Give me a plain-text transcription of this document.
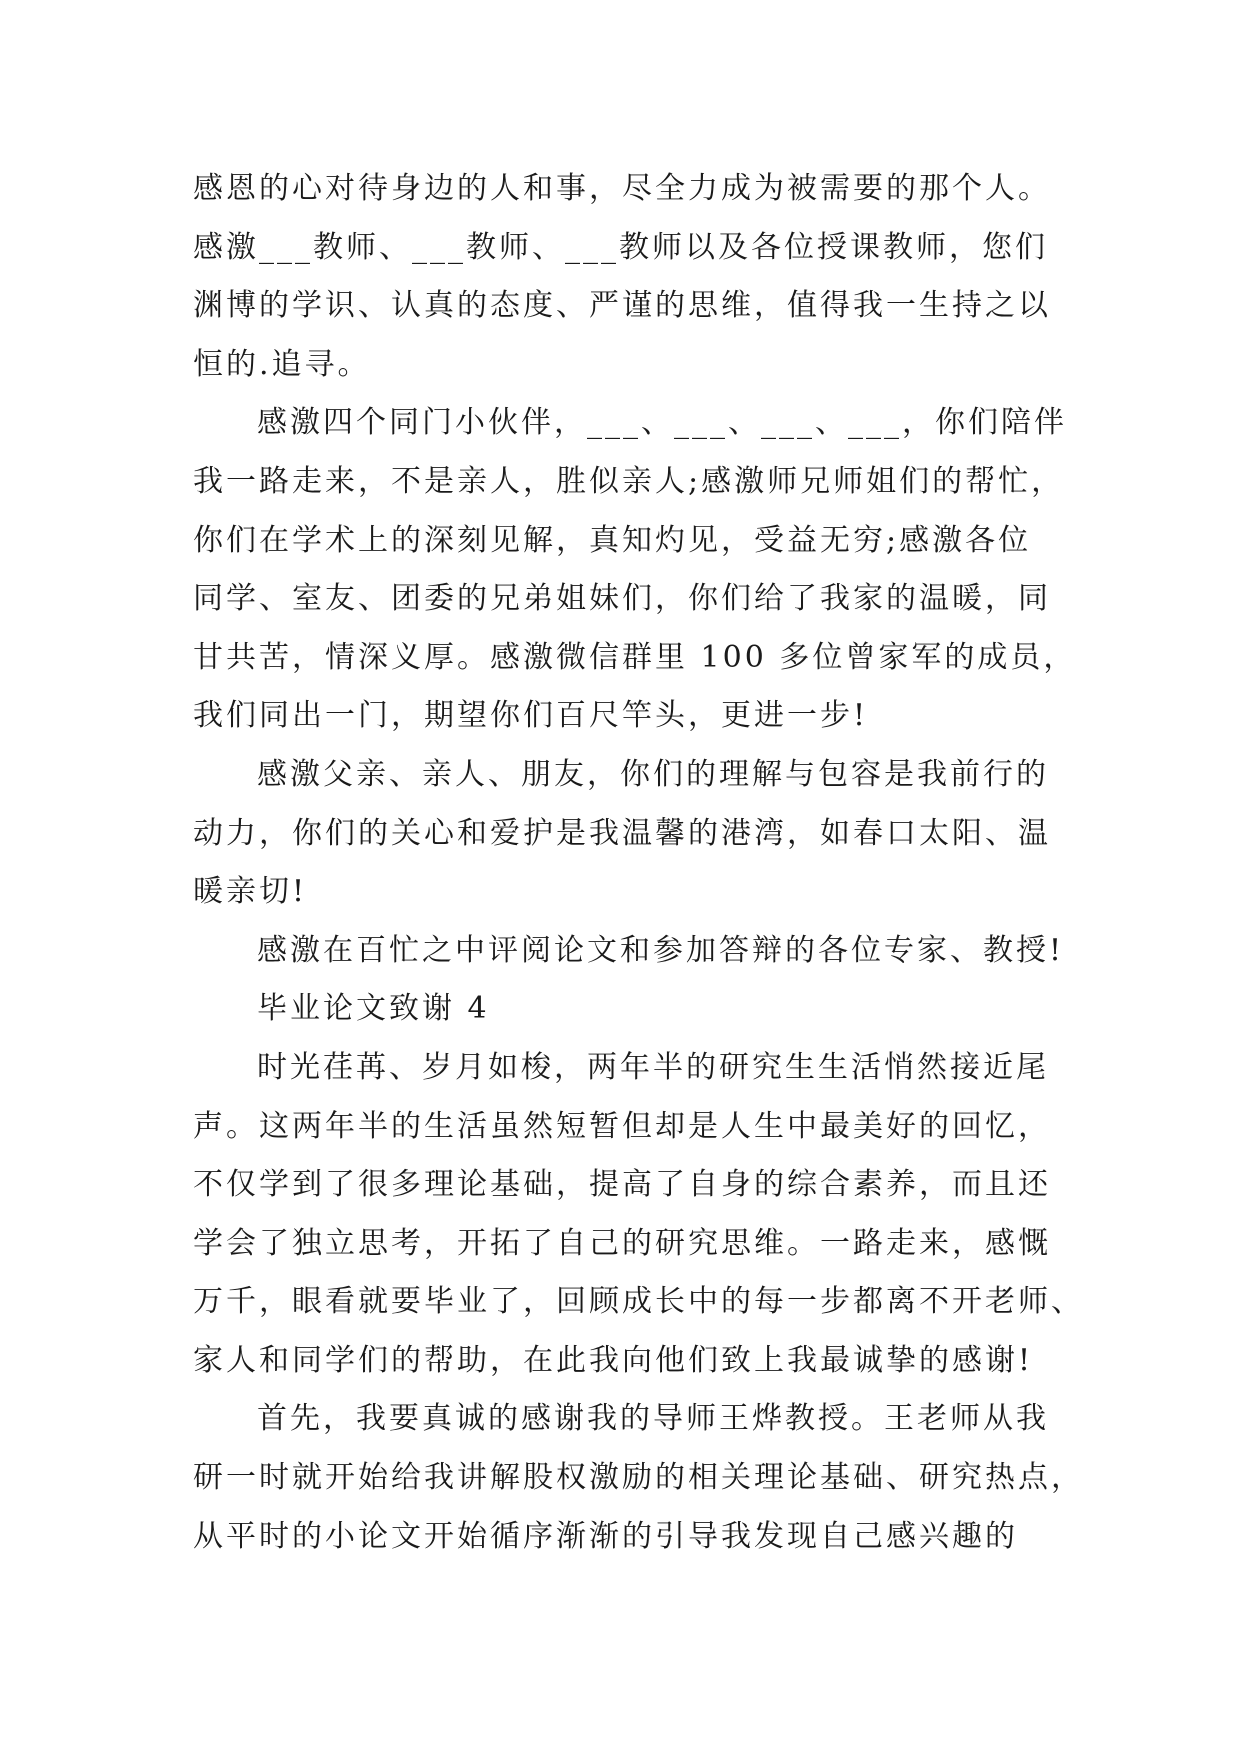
感恩的心对待身边的人和事，尽全力成为被需要的那个人。
感激___教师、___教师、___教师以及各位授课教师，您们
渊博的学识、认真的态度、严谨的思维，值得我一生持之以
恒的.追寻。
感激四个同门小伙伴，___、___、___、___，你们陪伴
我一路走来，不是亲人，胜似亲人;感激师兄师姐们的帮忙，
你们在学术上的深刻见解，真知灼见，受益无穷;感激各位
同学、室友、团委的兄弟姐妹们，你们给了我家的温暖，同
甘共苦，情深义厚。感激微信群里 100 多位曾家军的成员，
我们同出一门，期望你们百尺竿头，更进一步!
感激父亲、亲人、朋友，你们的理解与包容是我前行的
动力，你们的关心和爱护是我温馨的港湾，如春口太阳、温
暖亲切!
感激在百忙之中评阅论文和参加答辩的各位专家、教授!
毕业论文致谢 4
时光荏苒、岁月如梭，两年半的研究生生活悄然接近尾
声。这两年半的生活虽然短暂但却是人生中最美好的回忆，
不仅学到了很多理论基础，提高了自身的综合素养，而且还
学会了独立思考，开拓了自己的研究思维。一路走来，感慨
万千，眼看就要毕业了，回顾成长中的每一步都离不开老师、
家人和同学们的帮助，在此我向他们致上我最诚挚的感谢!
首先，我要真诚的感谢我的导师王烨教授。王老师从我
研一时就开始给我讲解股权激励的相关理论基础、研究热点，
从平时的小论文开始循序渐渐的引导我发现自己感兴趣的
